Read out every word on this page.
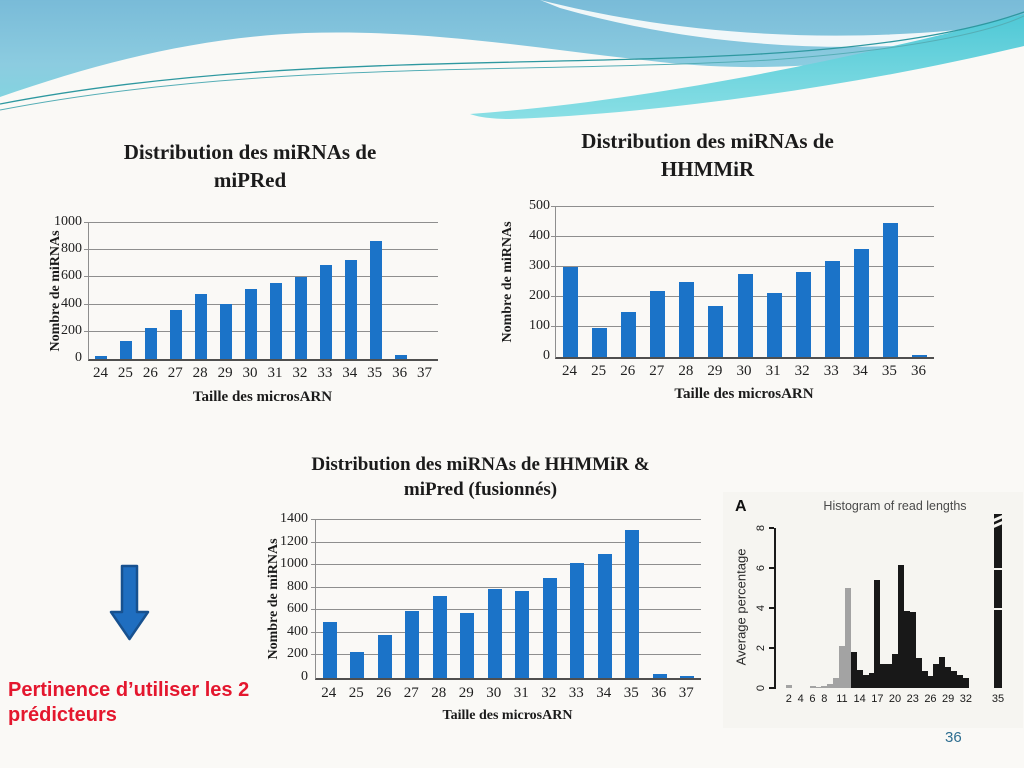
Distribution des miRNAs de
miPRed
Nombre de miRNAs
0
200
400
600
800
1000
24 25 26 27 28 29 30 31 32 33 34 35 36 37
Taille des microsARN
Distribution des miRNAs de
HHMMiR
Nombre de miRNAs
0
100
200
300
400
500
24 25 26 27 28 29 30 31 32 33 34 35 36
Taille des microsARN
Distribution des miRNAs de HHMMiR &
miPred (fusionnés)
Nombre de miRNAs
0
200
400
600
800
1000
1200
1400
24 25 26 27 28 29 30 31 32 33 34 35 36 37
Taille des microsARN
A	Histogram of read lengths
Average percentage
0
2
4
6
8
2 4 6 8 11 14 17 20 23 26 29 32 35
Pertinence d’utiliser les 2
prédicteurs
36
